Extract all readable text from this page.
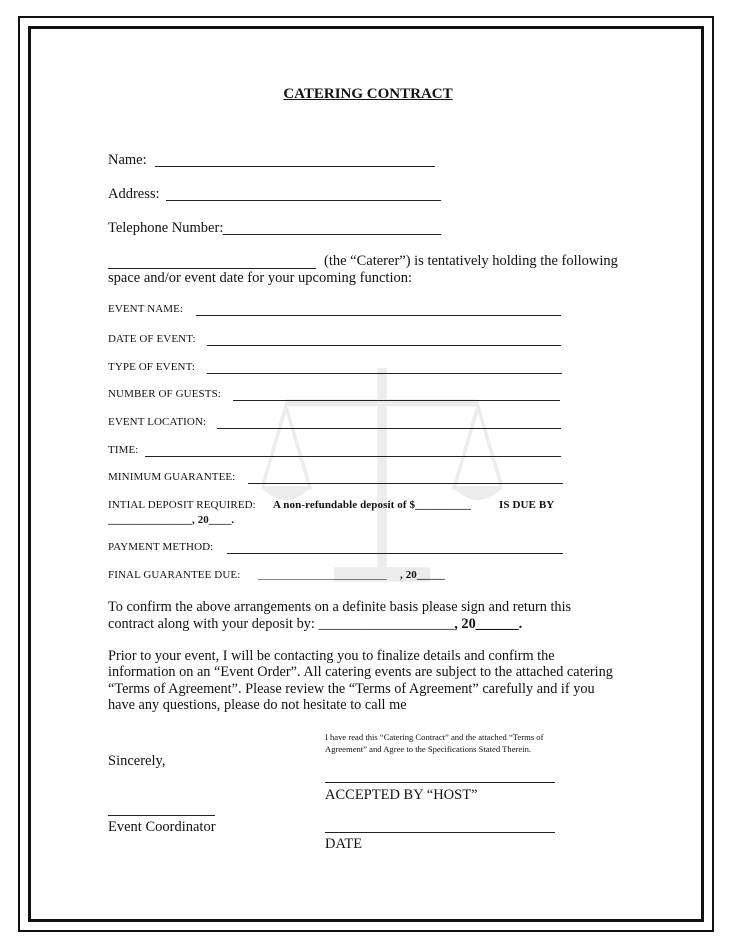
CATERING CONTRACT
Name:
Address:
Telephone Number:
(the “Caterer”) is tentatively holding the following
space and/or event date for your upcoming function:
EVENT NAME:
DATE OF EVENT:
TYPE OF EVENT:
NUMBER OF GUESTS:
EVENT LOCATION:
TIME:
MINIMUM GUARANTEE:
INTIAL DEPOSIT REQUIRED: A non-refundable deposit of $__________	IS DUE BY
_______________, 20____.
PAYMENT METHOD:
FINAL GUARANTEE DUE: _______________________ , 20_____
To confirm the above arrangements on a definite basis please sign and return this
contract along with your deposit by: ___________________, 20______.
Prior to your event, I will be contacting you to finalize details and confirm the
information on an “Event Order”. All catering events are subject to the attached catering
“Terms of Agreement”. Please review the “Terms of Agreement” carefully and if you
have any questions, please do not hesitate to call me
I have read this “Catering Contract” and the attached “Terms of
Agreement” and Agree to the Specifications Stated Therein.
Sincerely,
ACCEPTED BY “HOST”
Event Coordinator
DATE
